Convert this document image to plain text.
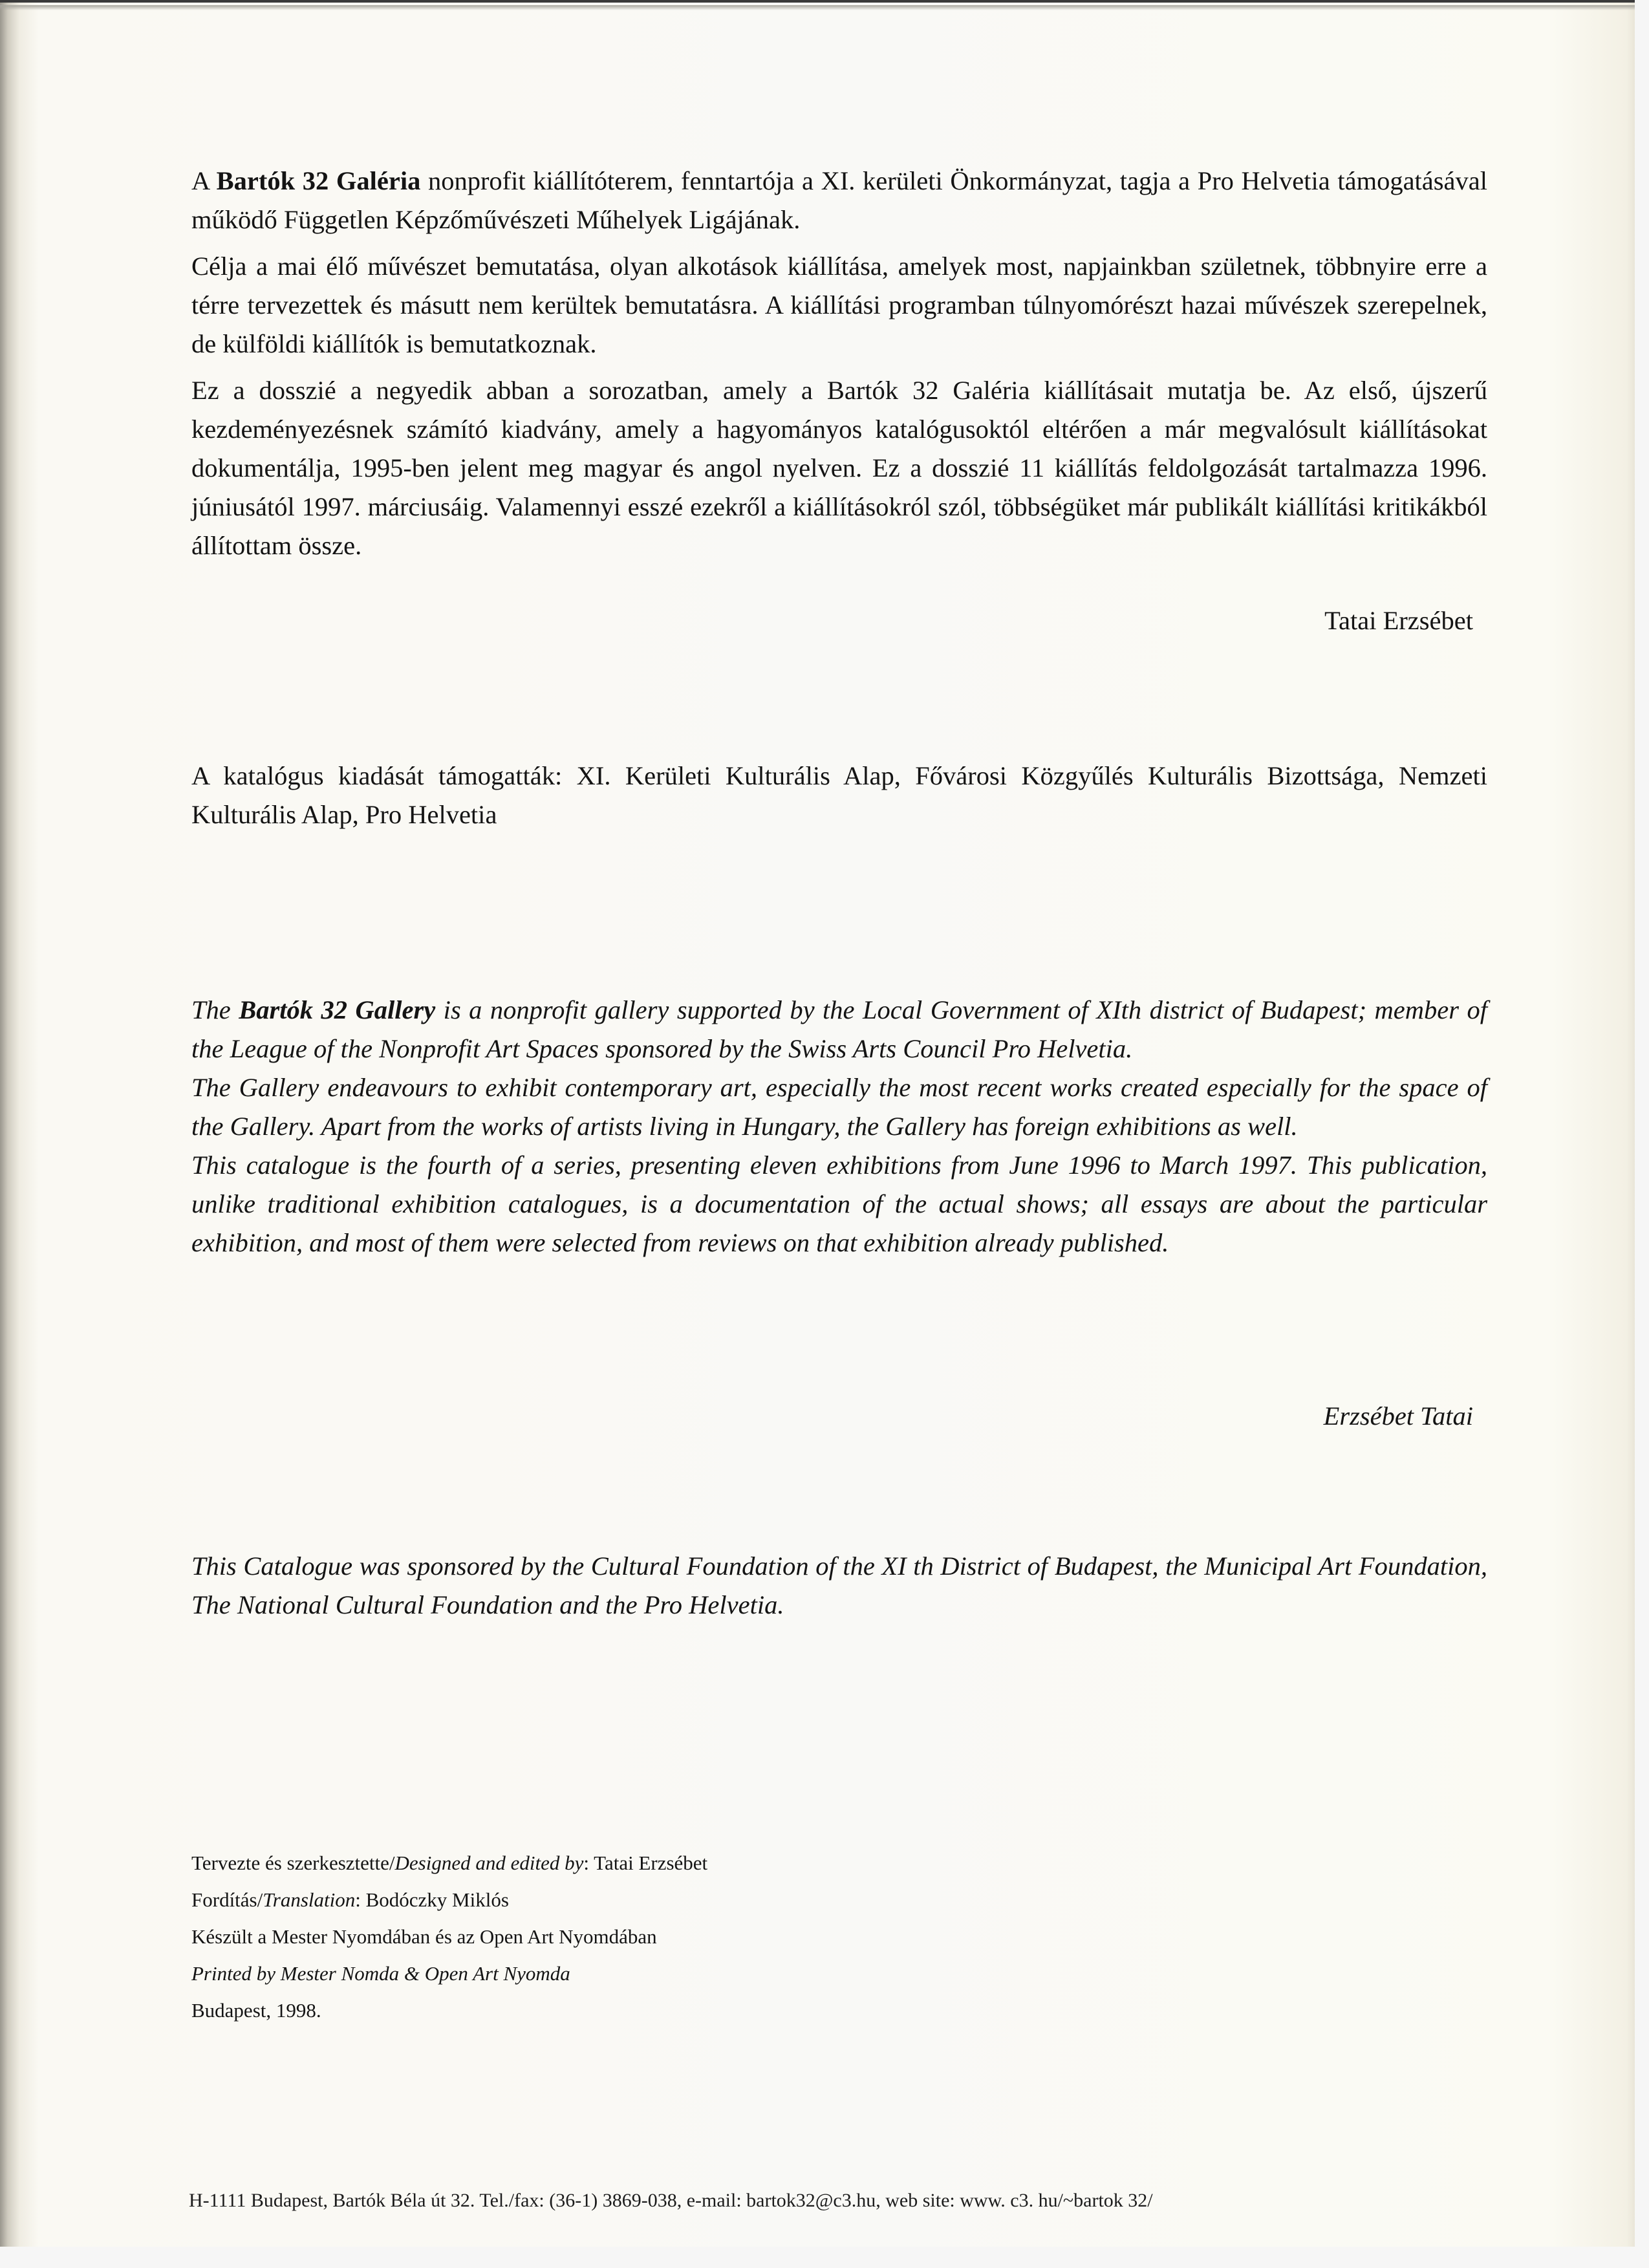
A Bartók 32 Galéria nonprofit kiállítóterem, fenntartója a XI. kerületi Önkormányzat, tagja a Pro Helvetia támogatásával működő Független Képzőművészeti Műhelyek Ligájának.

Célja a mai élő művészet bemutatása, olyan alkotások kiállítása, amelyek most, napjainkban születnek, többnyire erre a térre tervezettek és másutt nem kerültek bemutatásra. A kiállítási programban túlnyomórészt hazai művészek szerepelnek, de külföldi kiállítók is bemutatkoznak.

Ez a dosszié a negyedik abban a sorozatban, amely a Bartók 32 Galéria kiállításait mutatja be. Az első, újszerű kezdeményezésnek számító kiadvány, amely a hagyományos katalógusoktól eltérően a már megvalósult kiállításokat dokumentálja, 1995-ben jelent meg magyar és angol nyelven. Ez a dosszié 11 kiállítás feldolgozását tartalmazza 1996. júniusától 1997. márciusáig. Valamennyi esszé ezekről a kiállításokról szól, többségüket már publikált kiállítási kritikákból állítottam össze.

Tatai Erzsébet

A katalógus kiadását támogatták: XI. Kerületi Kulturális Alap, Fővárosi Közgyűlés Kulturális Bizottsága, Nemzeti Kulturális Alap, Pro Helvetia

The Bartók 32 Gallery is a nonprofit gallery supported by the Local Government of XIth district of Budapest; member of the League of the Nonprofit Art Spaces sponsored by the Swiss Arts Council Pro Helvetia.

The Gallery endeavours to exhibit contemporary art, especially the most recent works created especially for the space of the Gallery. Apart from the works of artists living in Hungary, the Gallery has foreign exhibitions as well.

This catalogue is the fourth of a series, presenting eleven exhibitions from June 1996 to March 1997. This publication, unlike traditional exhibition catalogues, is a documentation of the actual shows; all essays are about the particular exhibition, and most of them were selected from reviews on that exhibition already published.

Erzsébet Tatai

This Catalogue was sponsored by the Cultural Foundation of the XI th District of Budapest, the Municipal Art Foundation, The National Cultural Foundation and the Pro Helvetia.

Tervezte és szerkesztette/Designed and edited by: Tatai Erzsébet
Fordítás/Translation: Bodóczky Miklós
Készült a Mester Nyomdában és az Open Art Nyomdában
Printed by Mester Nomda & Open Art Nyomda
Budapest, 1998.
H-1111 Budapest, Bartók Béla út 32. Tel./fax: (36-1) 3869-038, e-mail: bartok32@c3.hu, web site: www. c3. hu/~bartok 32/
